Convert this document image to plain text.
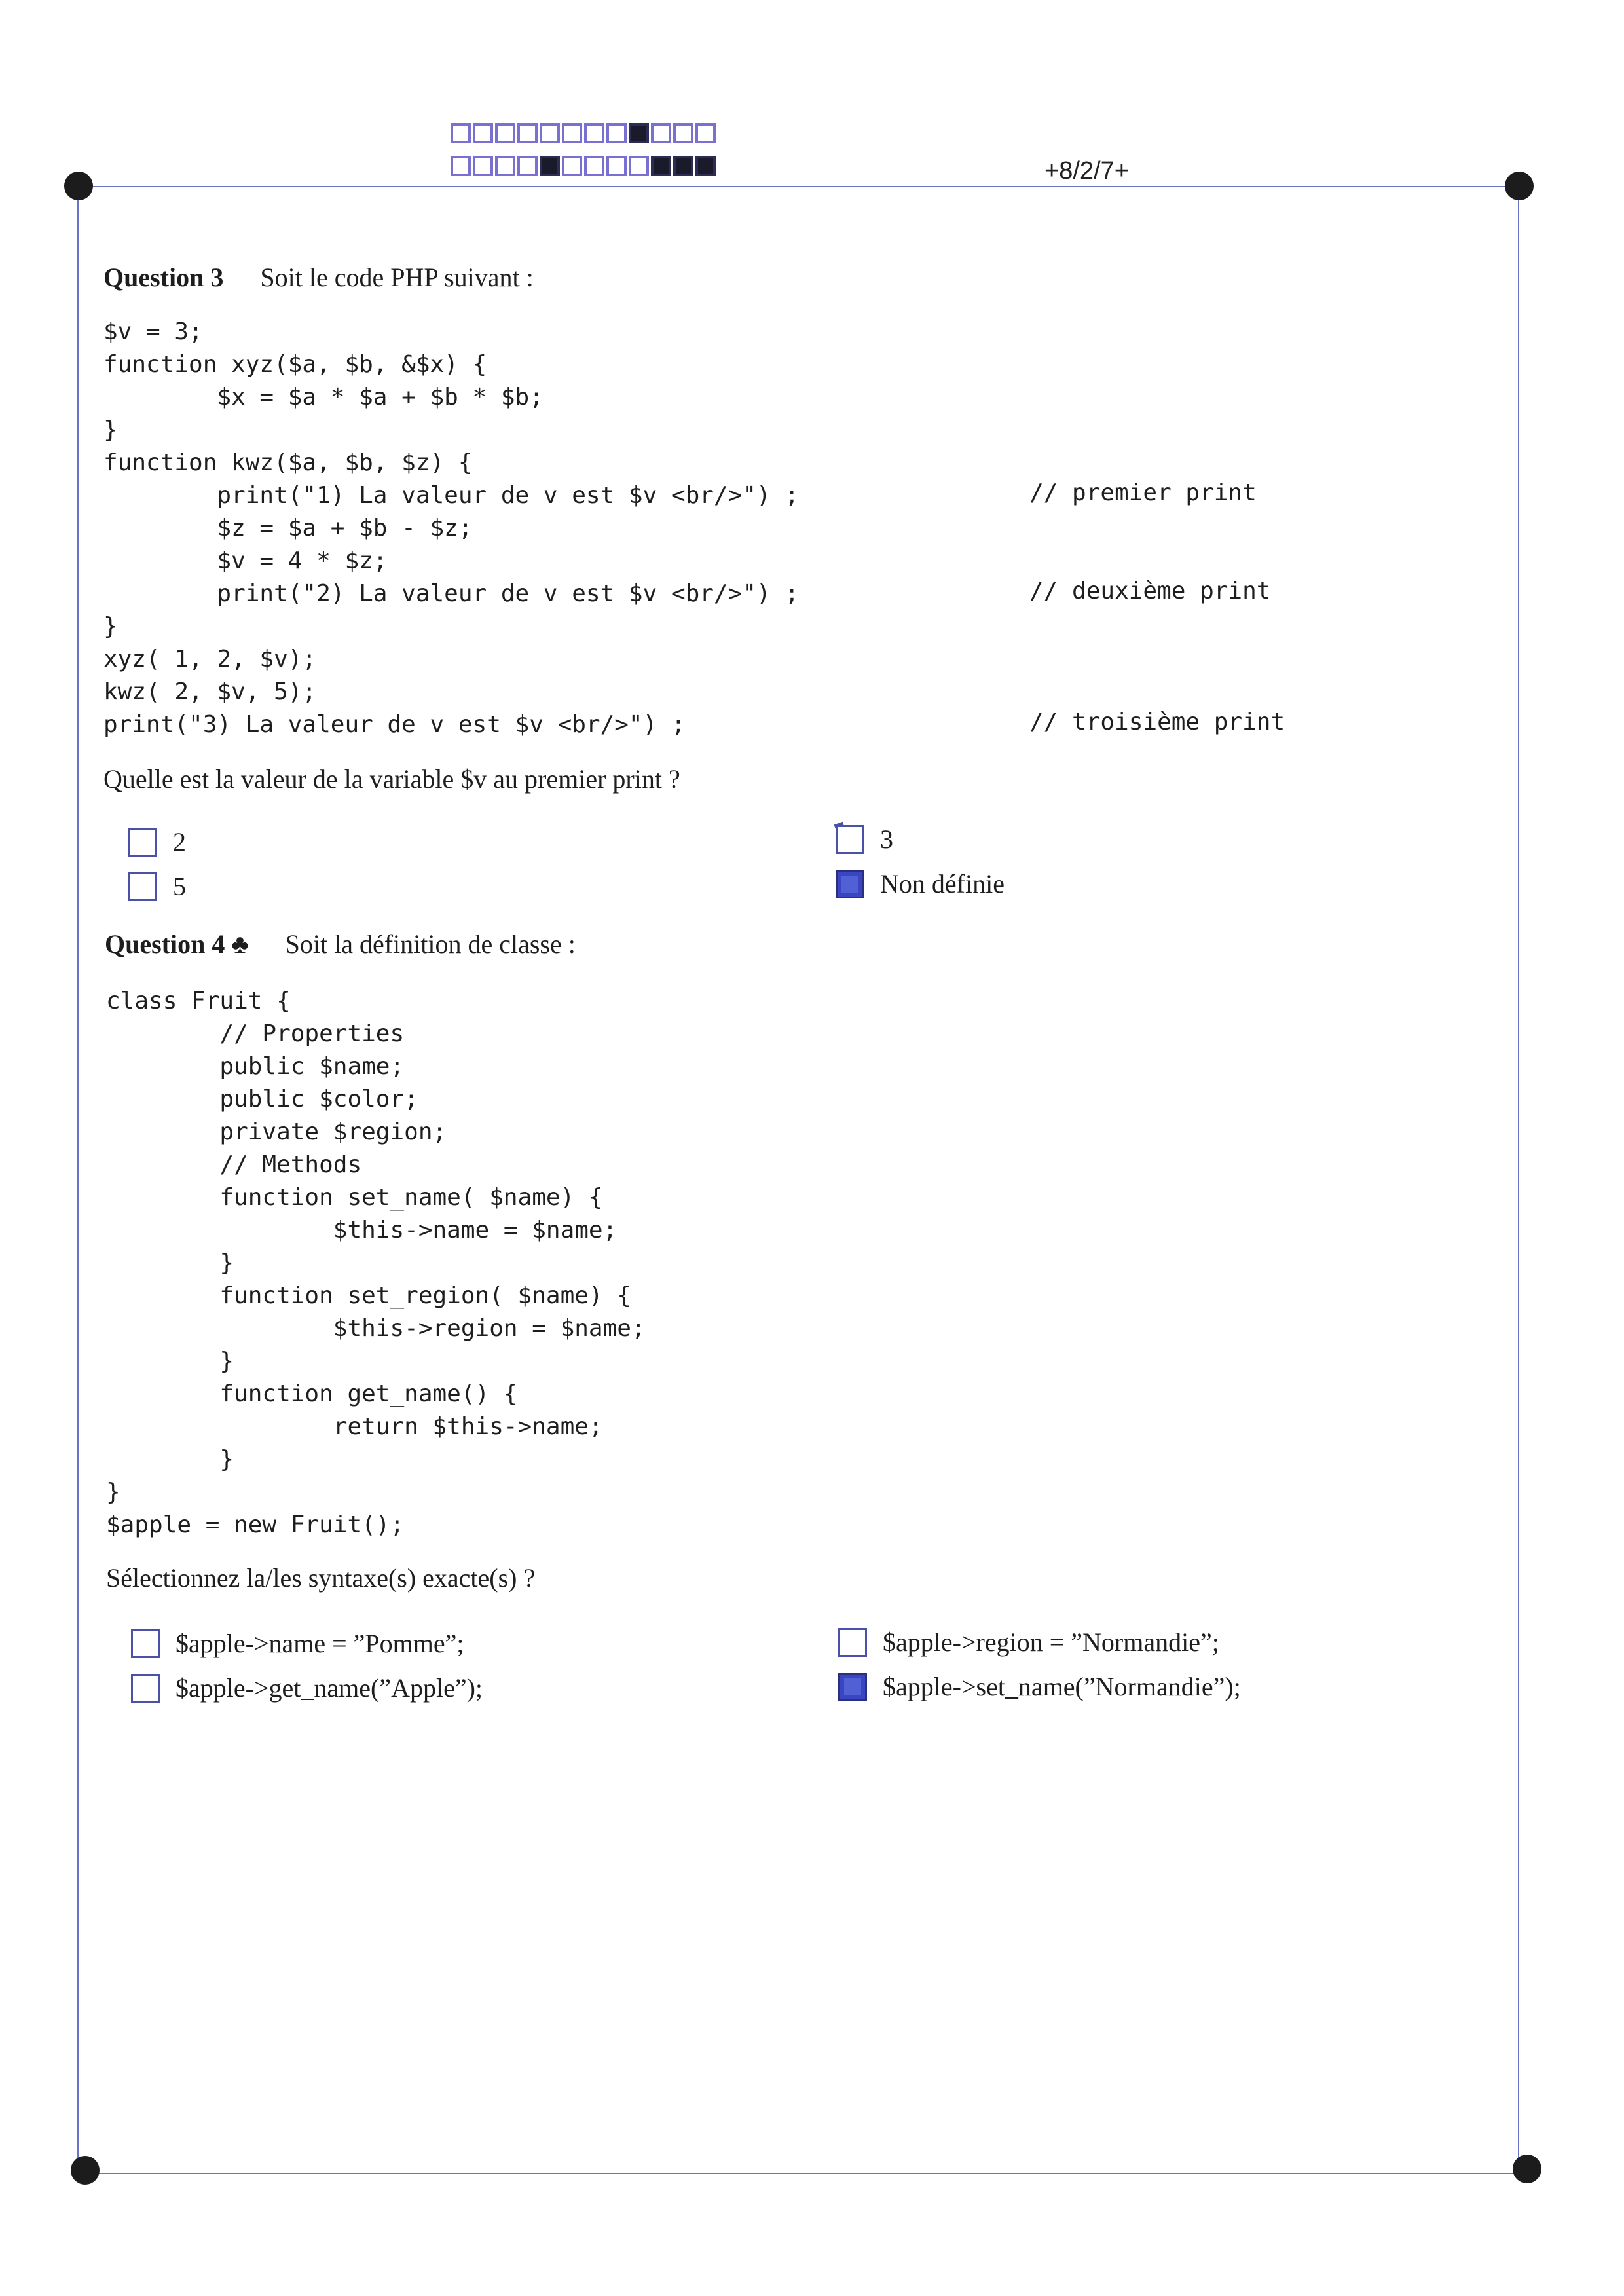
+8/2/7+
Question 3 Soit le code PHP suivant :
$v = 3;
function xyz($a, $b, &$x) {
$x = $a * $a + $b * $b;
}
function kwz($a, $b, $z) {
print("1) La valeur de v est $v <br/>") ;
$z = $a + $b - $z;
$v = 4 * $z;
print("2) La valeur de v est $v <br/>") ;
}
xyz( 1, 2, $v);
kwz( 2, $v, 5);
print("3) La valeur de v est $v <br/>") ;
// premier print
// deuxième print
// troisième print
Quelle est la valeur de la variable $v au premier print ?
2	3
5	Non définie
Question 4 ♣ Soit la définition de classe :
class Fruit {
// Properties
public $name;
public $color;
private $region;
// Methods
function set_name( $name) {
$this->name = $name;
}
function set_region( $name) {
$this->region = $name;
}
function get_name() {
return $this->name;
}
}
$apple = new Fruit();
Sélectionnez la/les syntaxe(s) exacte(s) ?
$apple->name = ”Pomme”;	$apple->region = ”Normandie”;
$apple->get_name(”Apple”);	$apple->set_name(”Normandie”);
